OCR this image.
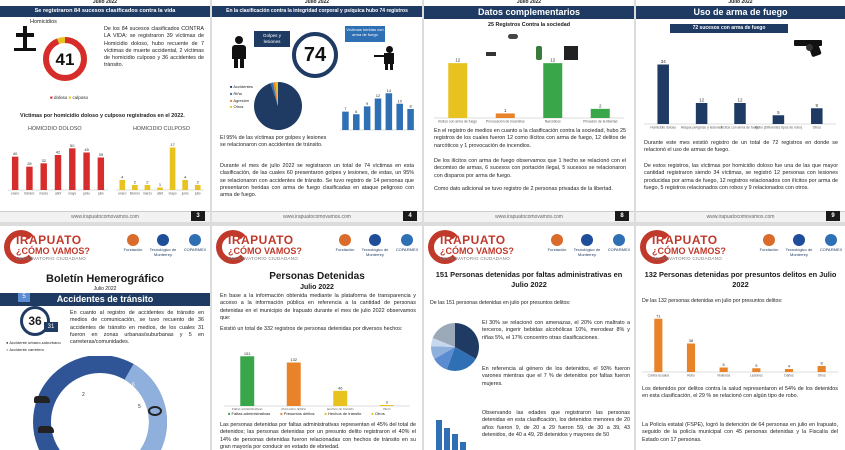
Julio 2022
Se registraron 84 sucesos clasificados contra la vida
Homicidios
41
■ doloso ■ culposo
De los 84 sucesos clasificados CONTRA LA VIDA: se registraron 39 víctimas de Homicidio doloso, hubo recuente de 7 víctimas de muerte accidental, 2 víctimas de homicidio culposo y 36 accidentes de tránsito.
Víctimas por homicidio doloso y culposo registrados en el 2022.
HOMICIDIO DOLOSO	HOMICIDIO CULPOSO
40
enero
28
febrero
32
marzo
42
abril
50
mayo
45
junio
39
julio
4
enero
2
febrero
2
marzo
1
abril
17
mayo
4
junio
2
julio
www.irapuatocomovamos.com	3
Julio 2022
En la clasificación contra la integridad corporal y psíquica hubo 74 registros
Golpes y lesiones
74
Víctimas heridas con arma de fuego
■ Accidentes
■ Riña
■ Agresión
■ Otros	7
6
9
12
14
10
8
El 95% de las víctimas por golpes y lesiones se relacionaron con accidentes de tránsito.
Durante el mes de julio 2022 se registraron un total de 74 víctimas en esta clasificación, de las cuales 60 presentaron golpes y lesiones, de estas, un 95% se relacionaron con accidentes de tránsito. Se tuvo registro de 14 personas que presentaron heridas con arma de fuego clasificadas en ataque peligroso con arma de fuego.
www.irapuatocomovamos.com	4
Julio 2022
Datos complementarios
25 Registros Contra la sociedad
12
Ilícitos con arma de fuego
1
Provocación de incendios
12
Narcóticos
2
Privación de la libertad
En el registro de medios en cuanto a la clasificación contra la sociedad, hubo 25 registros de los cuales fueron 12 como ilícitos con arma de fuego, 12 delitos de narcóticos y 1 provocación de incendios.
De los ilícitos con arma de fuego observamos que 1 hecho se relacionó con el decomiso de armas, 6 sucesos con portación ilegal, 5 sucesos se relacionaron con disparos por arma de fuego.
Como dato adicional se tuvo registro de 2 personas privadas de la libertad.
www.irapuatocomovamos.com	8
Julio 2022
Uso de arma de fuego
72 sucesos con arma de fuego
34
Homicidio doloso
12
Ataque peligroso y lesiones
12
Ilícitos con arma de fuego
5
Robo (Diferentes tipos de robo)
9
Otros
Durante este mes existió registro de un total de 72 registros en donde se relacionó el uso de armas de fuego.
De estos registros, las víctimas por homicidio doloso fue una de las que mayor cantidad registraron siendo 34 víctimas, se registró 12 personas con lesiones producidas por arma de fuego, 12 registros relacionados con ilícitos por arma de fuego, 5 registros relacionados con robos y 9 relacionados con otros.
www.irapuatocomovamos.com	9
IRAPUATO
¿CÓMO VAMOS?
OBSERVATORIO CIUDADANO
Fundación	Tecnológico de Monterrey
COPARMEX
Boletín Hemerográfico
Julio 2022
Accidentes de tránsito
5
36 31
● Accidente urbano-suburbano
● Accidente carretero
En cuanto al registro de accidentes de tránsito en medios de comunicación, se tuvo recuento de 36 accidentes de tránsito en medios, de los cuales 31 fueron en zonas urbanas/suburbanas y 5 en carreteras/comunidades.
6
5
2
IRAPUATO
¿CÓMO VAMOS?
OBSERVATORIO CIUDADANO
Fundación	Tecnológico de Monterrey
COPARMEX
Personas Detenidas
Julio 2022
En base a la información obtenida mediante la plataforma de transparencia y acceso a la información pública en referencia a la cantidad de personas detenidas en el municipio de Irapuato durante el mes de julio 2022 observamos que:
Existió un total de 332 registros de personas detenidas por diversos hechos:
151
Faltas administrativas
132
Presuntos delitos
46
Hechos de tránsito
3
Otros
■ Faltas administrativas	■ Presuntos delitos	■ Hechos de tránsito	■ Otros
Las personas detenidas por faltas administrativas representan el 45% del total de detenidos; las personas detenidas por un presunto delito registraron el 40% el 14% de personas detenidas fueron relacionadas con hechos de tránsito en su gran mayoría por conducir en estado de ebriedad.
IRAPUATO
¿CÓMO VAMOS?
OBSERVATORIO CIUDADANO
Fundación	Tecnológico de Monterrey
COPARMEX
151 Personas detenidas por faltas administrativas en Julio 2022
De las 151 personas detenidas en julio por presuntos delitos:
El 30% se relacionó con amenazas, el 20% con maltrato a terceros, ingerir bebidas alcohólicas 10%, merodear 8% y riñas 5%, el 17% concentro otras clasificaciones.
En referencia al género de los detenidos, el 93% fueron varones mientras que el 7 % de detenidos por faltas fueron mujeres.
Observando las edades que registraron las personas detenidas en esta clasificación, los detenidos menores de 20 años fueron 9, de 20 a 29 fueron 59, de 30 a 39, 43 detenidos, de 40 a 49, 28 detenidos y mayores de 50
IRAPUATO
¿CÓMO VAMOS?
OBSERVATORIO CIUDADANO
Fundación	Tecnológico de Monterrey
COPARMEX
132 Personas detenidas por presuntos delitos en Julio 2022
De las 132 personas detenidas en julio por presuntos delitos:
71
Contra la salud
38
Robo
6
Violencia
5
Lesiones
4
Daños
8
Otros
Los detenidos por delitos contra la salud representaron el 54% de los detenidos en esta clasificación, el 29 % se relacionó con algún tipo de robo.
La Policía estatal (FSPE), logró la detención de 64 personas en julio en Irapuato, seguido de la policía municipal con 45 personas detenidas y la Fiscalía del Estado con 17 personas.
